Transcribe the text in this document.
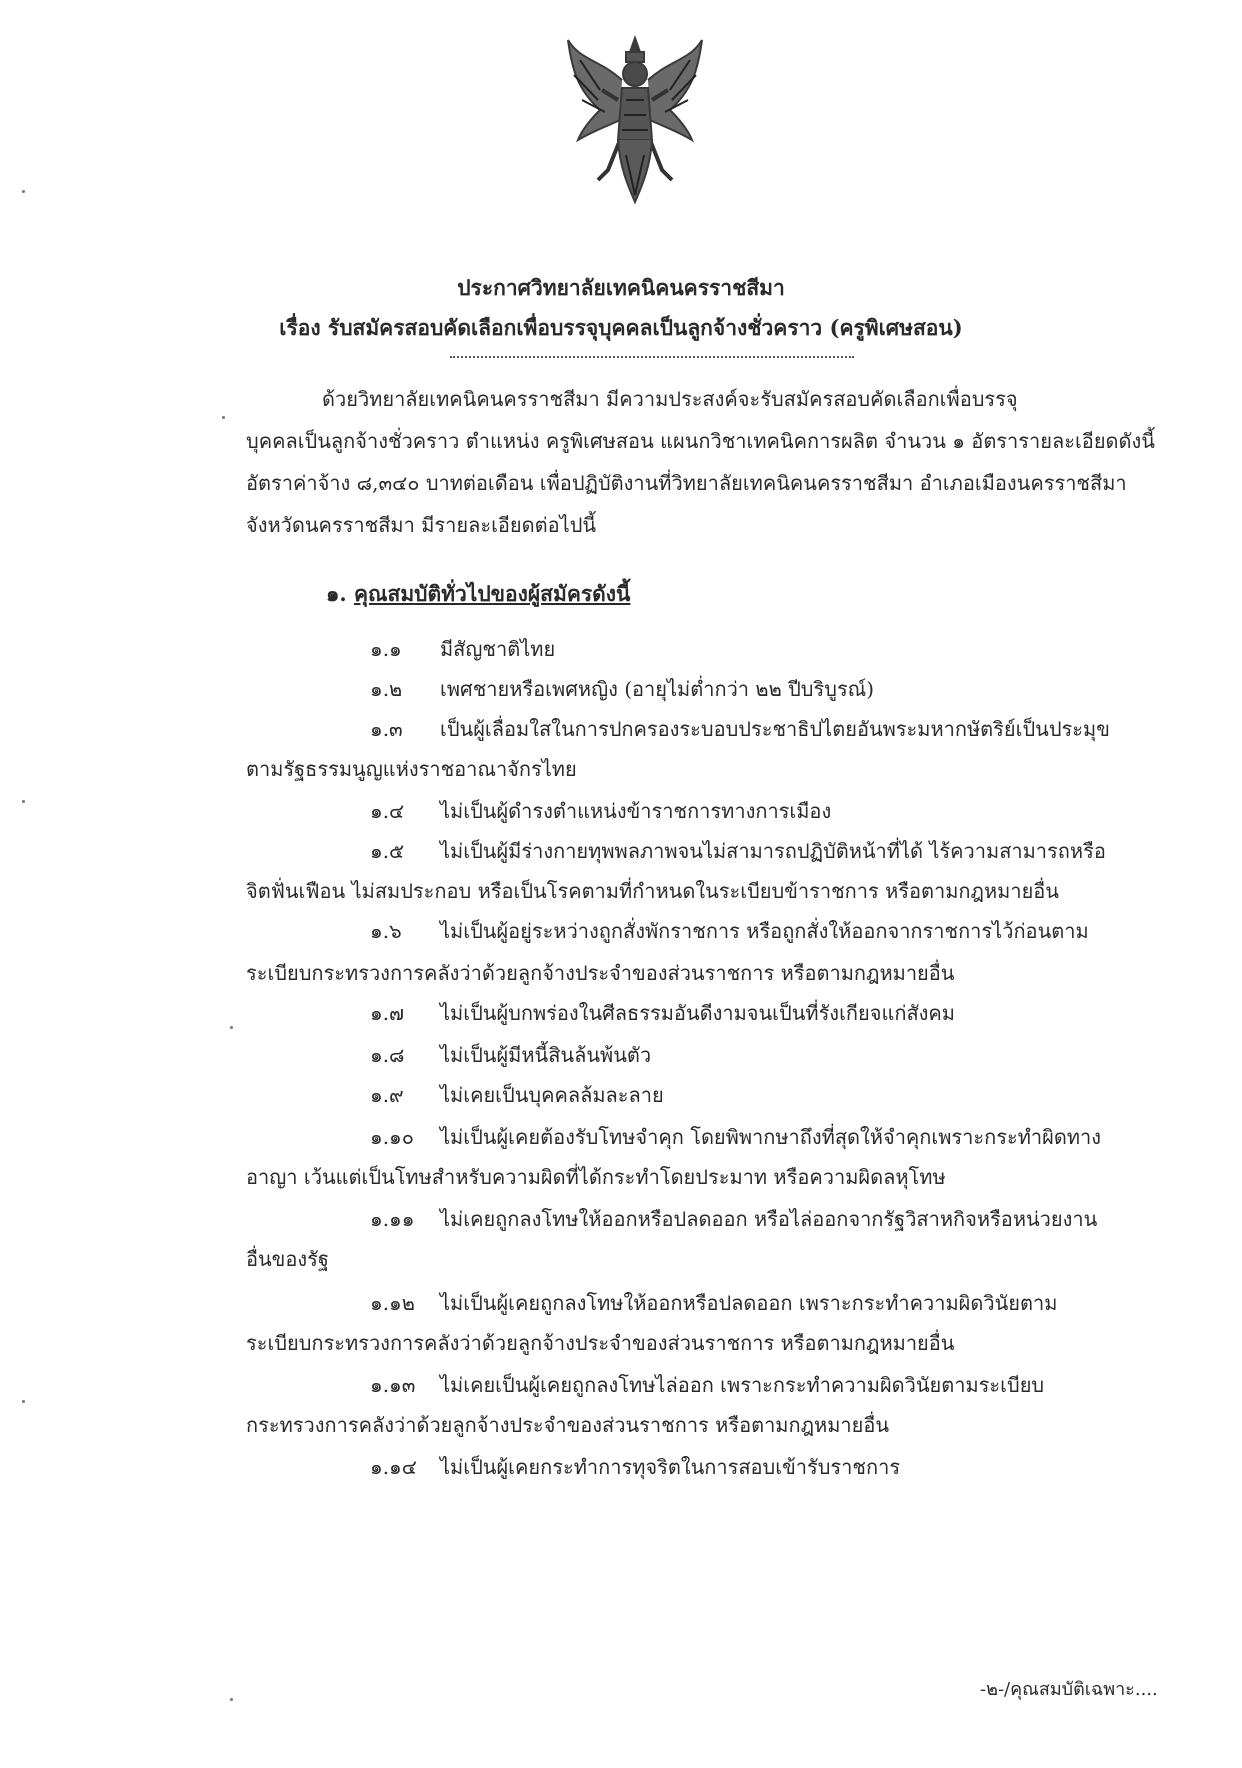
ประกาศวิทยาลัยเทคนิคนครราชสีมา
เรื่อง รับสมัครสอบคัดเลือกเพื่อบรรจุบุคคลเป็นลูกจ้างชั่วคราว (ครูพิเศษสอน)
ด้วยวิทยาลัยเทคนิคนครราชสีมา มีความประสงค์จะรับสมัครสอบคัดเลือกเพื่อบรรจุ
บุคคลเป็นลูกจ้างชั่วคราว ตำแหน่ง ครูพิเศษสอน แผนกวิชาเทคนิคการผลิต จำนวน ๑ อัตรารายละเอียดดังนี้
อัตราค่าจ้าง ๘,๓๔๐ บาทต่อเดือน เพื่อปฏิบัติงานที่วิทยาลัยเทคนิคนครราชสีมา อำเภอเมืองนครราชสีมา
จังหวัดนครราชสีมา มีรายละเอียดต่อไปนี้
๑. คุณสมบัติทั่วไปของผู้สมัครดังนี้
๑.๑ มีสัญชาติไทย
๑.๒ เพศชายหรือเพศหญิง (อายุไม่ต่ำกว่า ๒๒ ปีบริบูรณ์)
๑.๓ เป็นผู้เลื่อมใสในการปกครองระบอบประชาธิปไตยอันพระมหากษัตริย์เป็นประมุข
ตามรัฐธรรมนูญแห่งราชอาณาจักรไทย
๑.๔ ไม่เป็นผู้ดำรงตำแหน่งข้าราชการทางการเมือง
๑.๕ ไม่เป็นผู้มีร่างกายทุพพลภาพจนไม่สามารถปฏิบัติหน้าที่ได้ ไร้ความสามารถหรือ
จิตฟั่นเฟือน ไม่สมประกอบ หรือเป็นโรคตามที่กำหนดในระเบียบข้าราชการ หรือตามกฎหมายอื่น
๑.๖ ไม่เป็นผู้อยู่ระหว่างถูกสั่งพักราชการ หรือถูกสั่งให้ออกจากราชการไว้ก่อนตาม
ระเบียบกระทรวงการคลังว่าด้วยลูกจ้างประจำของส่วนราชการ หรือตามกฎหมายอื่น
๑.๗ ไม่เป็นผู้บกพร่องในศีลธรรมอันดีงามจนเป็นที่รังเกียจแก่สังคม
๑.๘ ไม่เป็นผู้มีหนี้สินล้นพ้นตัว
๑.๙ ไม่เคยเป็นบุคคลล้มละลาย
๑.๑๐ ไม่เป็นผู้เคยต้องรับโทษจำคุก โดยพิพากษาถึงที่สุดให้จำคุกเพราะกระทำผิดทาง
อาญา เว้นแต่เป็นโทษสำหรับความผิดที่ได้กระทำโดยประมาท หรือความผิดลหุโทษ
๑.๑๑ ไม่เคยถูกลงโทษให้ออกหรือปลดออก หรือไล่ออกจากรัฐวิสาหกิจหรือหน่วยงาน
อื่นของรัฐ
๑.๑๒ ไม่เป็นผู้เคยถูกลงโทษให้ออกหรือปลดออก เพราะกระทำความผิดวินัยตาม
ระเบียบกระทรวงการคลังว่าด้วยลูกจ้างประจำของส่วนราชการ หรือตามกฎหมายอื่น
๑.๑๓ ไม่เคยเป็นผู้เคยถูกลงโทษไล่ออก เพราะกระทำความผิดวินัยตามระเบียบ
กระทรวงการคลังว่าด้วยลูกจ้างประจำของส่วนราชการ หรือตามกฎหมายอื่น
๑.๑๔ ไม่เป็นผู้เคยกระทำการทุจริตในการสอบเข้ารับราชการ
-๒-/คุณสมบัติเฉพาะ....
